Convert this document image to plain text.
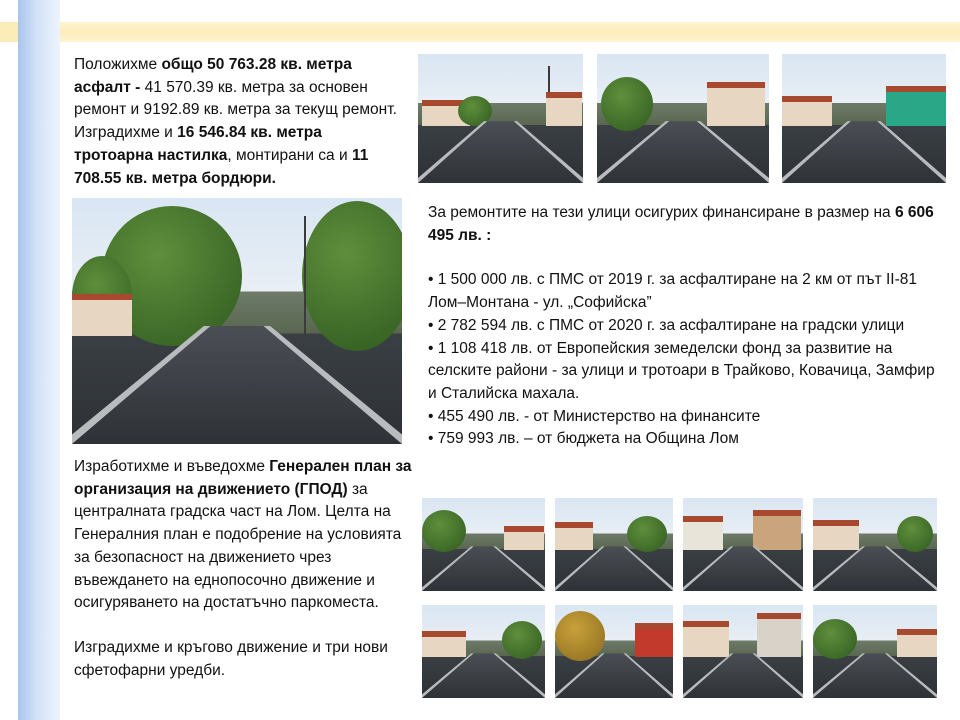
Положихме общо 50 763.28 кв. метра асфалт - 41 570.39 кв. метра за основен ремонт и 9192.89 кв. метра за текущ ремонт. Изградихме и 16 546.84 кв. метра тротоарна настилка, монтирани са и 11 708.55 кв. метра бордюри.
За ремонтите на тези улици осигурих финансиране в размер на 6 606 495 лв. :
• 1 500 000 лв. с ПМС от 2019 г. за асфалтиране на 2 км от път II-81 Лом–Монтана - ул. „Софийска”
• 2 782 594 лв. с ПМС от 2020 г. за асфалтиране на градски улици
• 1 108 418 лв. от Европейския земеделски фонд за развитие на селските райони - за улици и тротоари в Трайково, Ковачица, Замфир и Сталийска махала.
• 455 490 лв. - от Министерство на финансите
• 759 993 лв. – от бюджета на Община Лом
Изработихме и въведохме Генерален план за организация на движението (ГПОД) за централната градска част на Лом. Целта на Генералния план е подобрение на условията за безопасност на движението чрез въвеждането на еднопосочно движение и осигуряването на достатъчно паркоместа.
Изградихме и кръгово движение и три нови сфетофарни уредби.
